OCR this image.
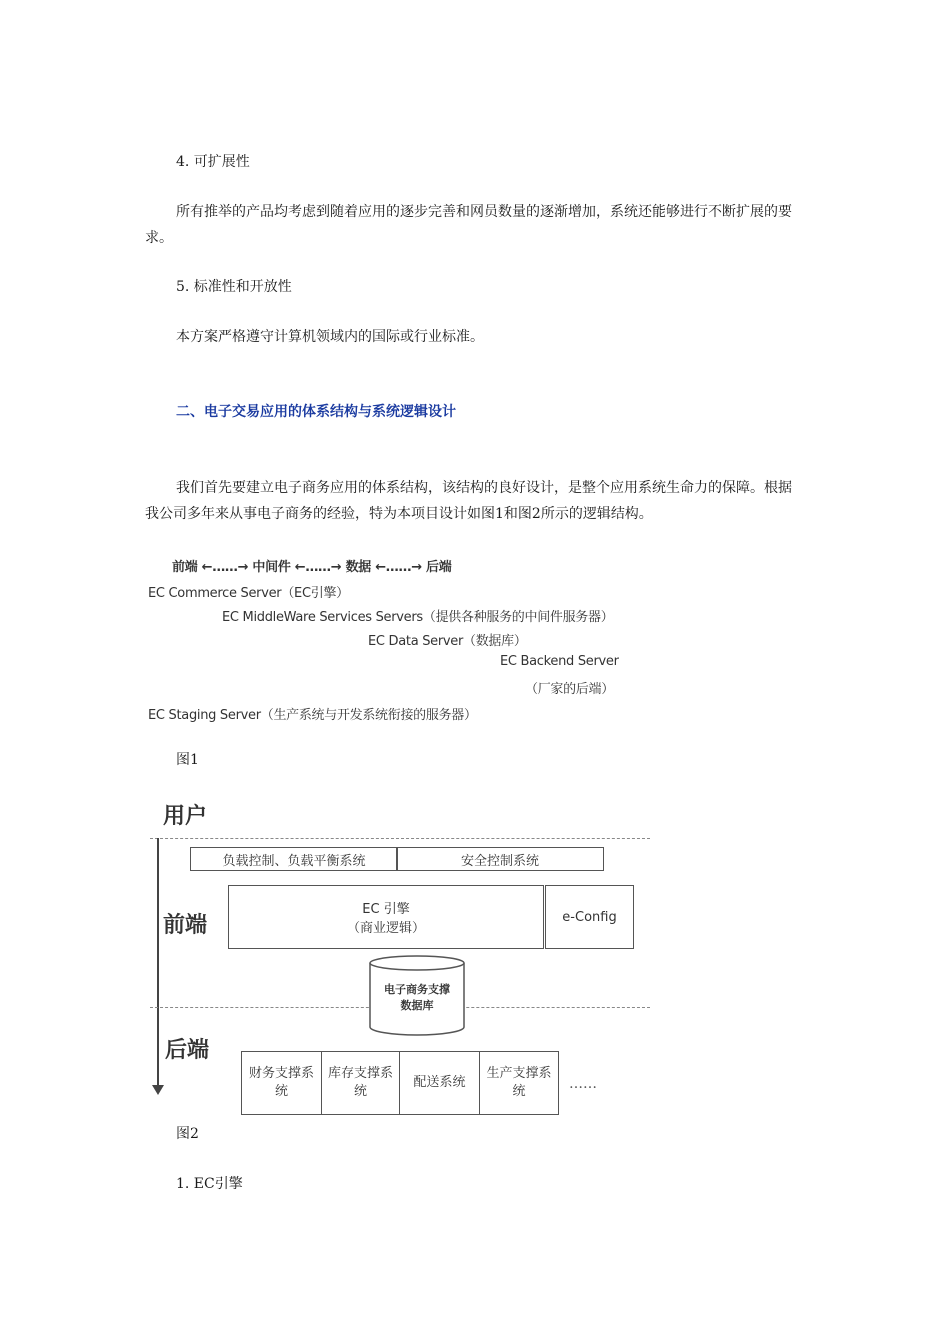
4. 可扩展性
所有推举的产品均考虑到随着应用的逐步完善和网员数量的逐渐增加，系统还能够进行不断扩展的要求。
5. 标准性和开放性
本方案严格遵守计算机领域内的国际或行业标准。
二、电子交易应用的体系结构与系统逻辑设计
我们首先要建立电子商务应用的体系结构，该结构的良好设计，是整个应用系统生命力的保障。根据我公司多年来从事电子商务的经验，特为本项目设计如图1和图2所示的逻辑结构。
前端 ←……→ 中间件 ←……→ 数据 ←……→ 后端
EC Commerce Server（EC引擎）
EC MiddleWare Services Servers（提供各种服务的中间件服务器）
EC Data Server（数据库）
EC Backend Server
（厂家的后端）
EC Staging Server（生产系统与开发系统衔接的服务器）
图1
用户
负载控制、负载平衡系统	安全控制系统
前端
EC 引擎
（商业逻辑）
e-Config
电子商务支撑
数据库
后端
财务支撑系统
库存支撑系统
配送系统
生产支撑系统	……
图2
1. EC引擎
